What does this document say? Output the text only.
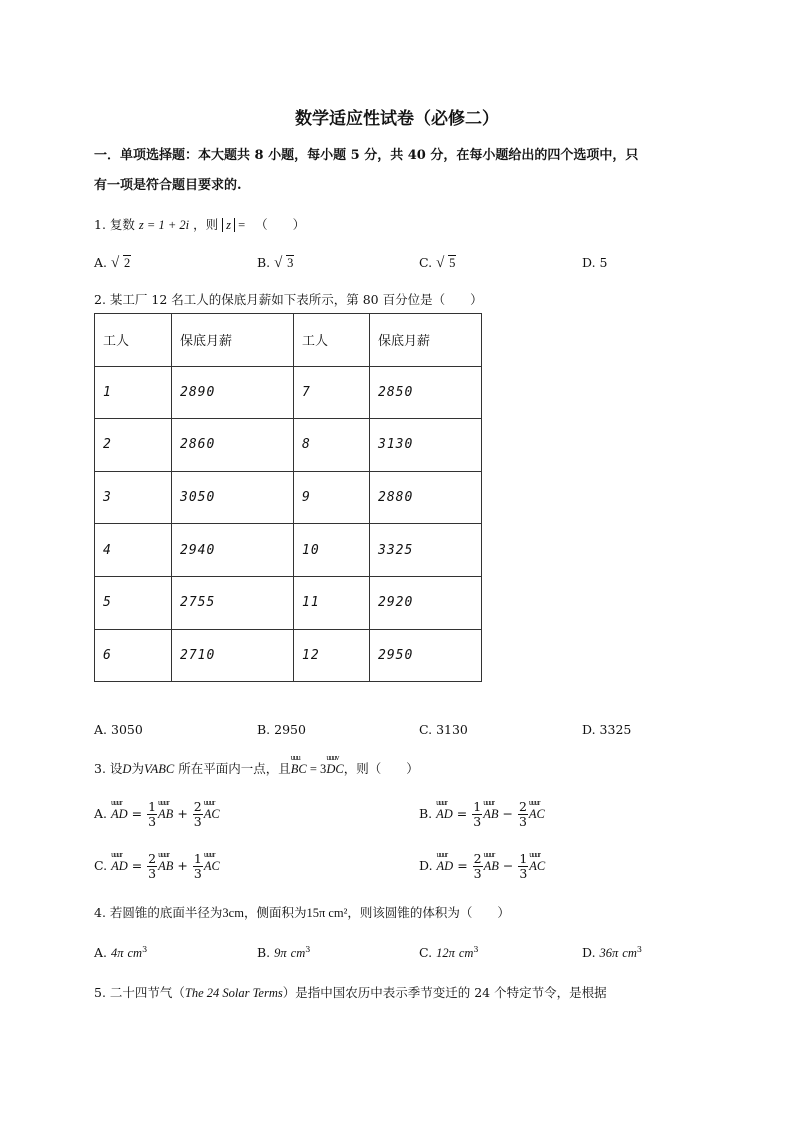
数学适应性试卷（必修二）
一．单项选择题：本大题共 8 小题，每小题 5 分，共 40 分，在每小题给出的四个选项中，只
有一项是符合题目要求的.
1. 复数 z = 1 + 2i ，则 z = （　　）
A. √ 2	B. √ 3	C. √ 5	D. 5
2. 某工厂 12 名工人的保底月薪如下表所示，第 80 百分位是（　　）
工人	保底月薪	工人	保底月薪
1	2890	7	2850
2	2860	8	3130
3	3050	9	2880
4	2940	10	3325
5	2755	11	2920
6	2710	12	2950
A. 3050	B. 2950	C. 3130	D. 3325
3. 设D为VABC 所在平面内一点，且uuu BC = 3uuuv DC，则（　　）
A. uuur AD = $\frac{1}{3}$ uuur AB + $\frac{2}{3}$ uuur AC	B. uuur AD = $\frac{1}{3}$ uuur AB − $\frac{2}{3}$ uuur AC
C. uuur AD = $\frac{2}{3}$ uuur AB + $\frac{1}{3}$ uuur AC	D. uuur AD = $\frac{2}{3}$ uuur AB − $\frac{1}{3}$ uuur AC
4. 若圆锥的底面半径为3cm，侧面积为15π cm²，则该圆锥的体积为（　　）
A. 4π $cm^3$	B. 9π $cm^3$	C. 12π $cm^3$	D. 36π $cm^3$
5. 二十四节气（The 24 Solar Terms）是指中国农历中表示季节变迁的 24 个特定节令，是根据
